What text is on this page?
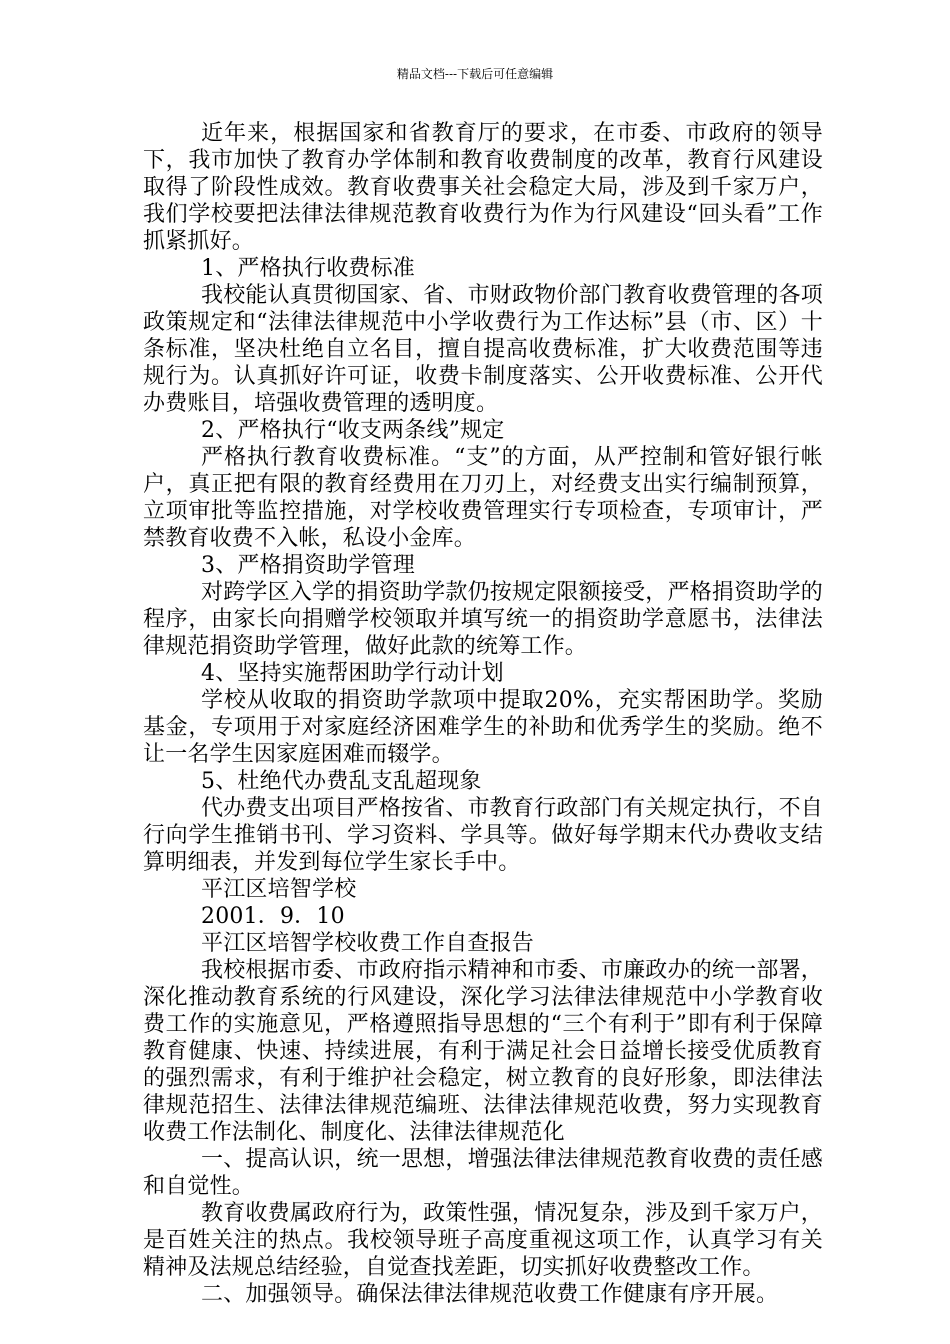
精品文档---下载后可任意编辑

近年来，根据国家和省教育厅的要求，在市委、市政府的领导下，我市加快了教育办学体制和教育收费制度的改革，教育行风建设取得了阶段性成效。教育收费事关社会稳定大局，涉及到千家万户，我们学校要把法律法律规范教育收费行为作为行风建设“回头看”工作抓紧抓好。

1、严格执行收费标准

我校能认真贯彻国家、省、市财政物价部门教育收费管理的各项政策规定和“法律法律规范中小学收费行为工作达标”县（市、区）十条标准，坚决杜绝自立名目，擅自提高收费标准，扩大收费范围等违规行为。认真抓好许可证，收费卡制度落实、公开收费标准、公开代办费账目，培强收费管理的透明度。

2、严格执行“收支两条线”规定

严格执行教育收费标准。“支”的方面，从严控制和管好银行帐户，真正把有限的教育经费用在刀刃上，对经费支出实行编制预算，立项审批等监控措施，对学校收费管理实行专项检查，专项审计，严禁教育收费不入帐，私设小金库。

3、严格捐资助学管理

对跨学区入学的捐资助学款仍按规定限额接受，严格捐资助学的程序，由家长向捐赠学校领取并填写统一的捐资助学意愿书，法律法律规范捐资助学管理，做好此款的统筹工作。

4、坚持实施帮困助学行动计划

学校从收取的捐资助学款项中提取20%，充实帮困助学。奖励基金，专项用于对家庭经济困难学生的补助和优秀学生的奖励。绝不让一名学生因家庭困难而辍学。

5、杜绝代办费乱支乱超现象

代办费支出项目严格按省、市教育行政部门有关规定执行，不自行向学生推销书刊、学习资料、学具等。做好每学期末代办费收支结算明细表，并发到每位学生家长手中。

平江区培智学校

2001．9．10

平江区培智学校收费工作自查报告

我校根据市委、市政府指示精神和市委、市廉政办的统一部署，深化推动教育系统的行风建设，深化学习法律法律规范中小学教育收费工作的实施意见，严格遵照指导思想的“三个有利于”即有利于保障教育健康、快速、持续进展，有利于满足社会日益增长接受优质教育的强烈需求，有利于维护社会稳定，树立教育的良好形象，即法律法律规范招生、法律法律规范编班、法律法律规范收费，努力实现教育收费工作法制化、制度化、法律法律规范化

一、提高认识，统一思想，增强法律法律规范教育收费的责任感和自觉性。

教育收费属政府行为，政策性强，情况复杂，涉及到千家万户，是百姓关注的热点。我校领导班子高度重视这项工作，认真学习有关精神及法规总结经验，自觉查找差距，切实抓好收费整改工作。

二、加强领导。确保法律法律规范收费工作健康有序开展。
